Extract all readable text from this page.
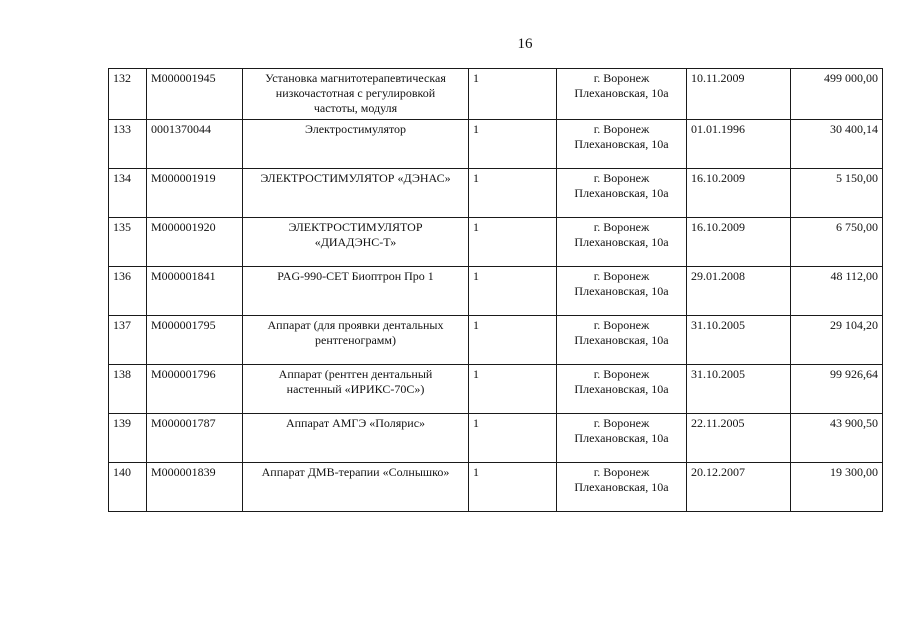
16
132	М000001945	Установка магнитотерапевтическая
низкочастотная с регулировкой
частоты, модуля	1	г. Воронеж
Плехановская, 10а	10.11.2009	499 000,00

133	0001370044	Электростимулятор	1	г. Воронеж
Плехановская, 10а	01.01.1996	30 400,14

134	М000001919	ЭЛЕКТРОСТИМУЛЯТОР «ДЭНАС»	1	г. Воронеж
Плехановская, 10а	16.10.2009	5 150,00

135	М000001920	ЭЛЕКТРОСТИМУЛЯТОР
«ДИАДЭНС-Т»	1	г. Воронеж
Плехановская, 10а	16.10.2009	6 750,00

136	М000001841	PAG-990-CET Биоптрон Про 1	1	г. Воронеж
Плехановская, 10а	29.01.2008	48 112,00

137	М000001795	Аппарат (для проявки дентальных
рентгенограмм)	1	г. Воронеж
Плехановская, 10а	31.10.2005	29 104,20

138	М000001796	Аппарат (рентген дентальный
настенный «ИРИКС-70С»)	1	г. Воронеж
Плехановская, 10а	31.10.2005	99 926,64

139	М000001787	Аппарат АМГЭ «Полярис»	1	г. Воронеж
Плехановская, 10а	22.11.2005	43 900,50

140	М000001839	Аппарат ДМВ-терапии «Солнышко»	1	г. Воронеж
Плехановская, 10а	20.12.2007	19 300,00
